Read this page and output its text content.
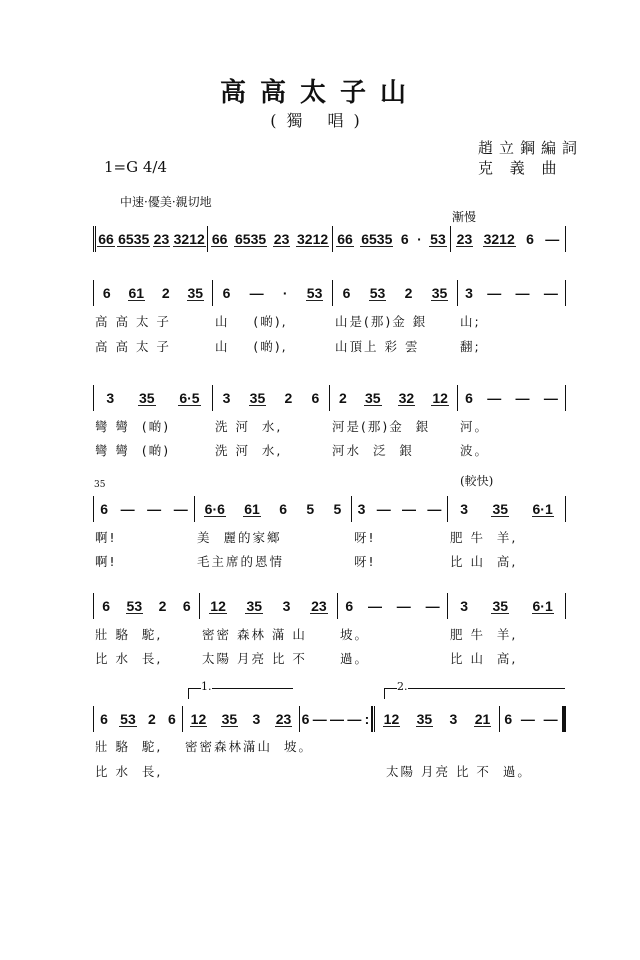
高高太子山
(獨 唱)
趙立鋼編詞
克 義 曲
1=G 4/4
中速·優美·親切地
漸慢
(較快)
35
1.	2.
66 6535 23 3212 66 6535 23 3212 66 6535 6 · 53 23 3212 6 —
6 61 2 35 6 — · 53 6 53 2 35 3 — — —
高 高 太 子	山    (啲),	山是(那)金 銀	山;
高 高 太 子	山    (啲),	山頂上 彩 雲	翻;
3 35 6·5 3 35 2 6 2 35 32 12 6 — — —
彎 彎  (啲)	洗 河  水,	河是(那)金  銀 河。
彎 彎  (啲)	洗 河  水,	河水  泛  銀	波。
6 — — — 6·6 61 6 5 5 3 — — — 3 35 6·1
啊!	美  麗的家鄉	呀!	肥 牛  羊,
啊!	毛主席的恩情	呀!	比 山  高,
6 53 2 6 12 35 3 23 6 — — — 3 35 6·1
壯 駱  駝,	密密 森林 滿 山	坡。	肥 牛  羊,
比 水  長,	太陽 月亮 比 不	過。	比 山  高,
6 53 2 6 12 35 3 23 6 — — — : 12 35 3 21 6 — —
壯 駱  駝, 密密森林滿山  坡。
比 水  長,	太陽 月亮 比 不  過。
